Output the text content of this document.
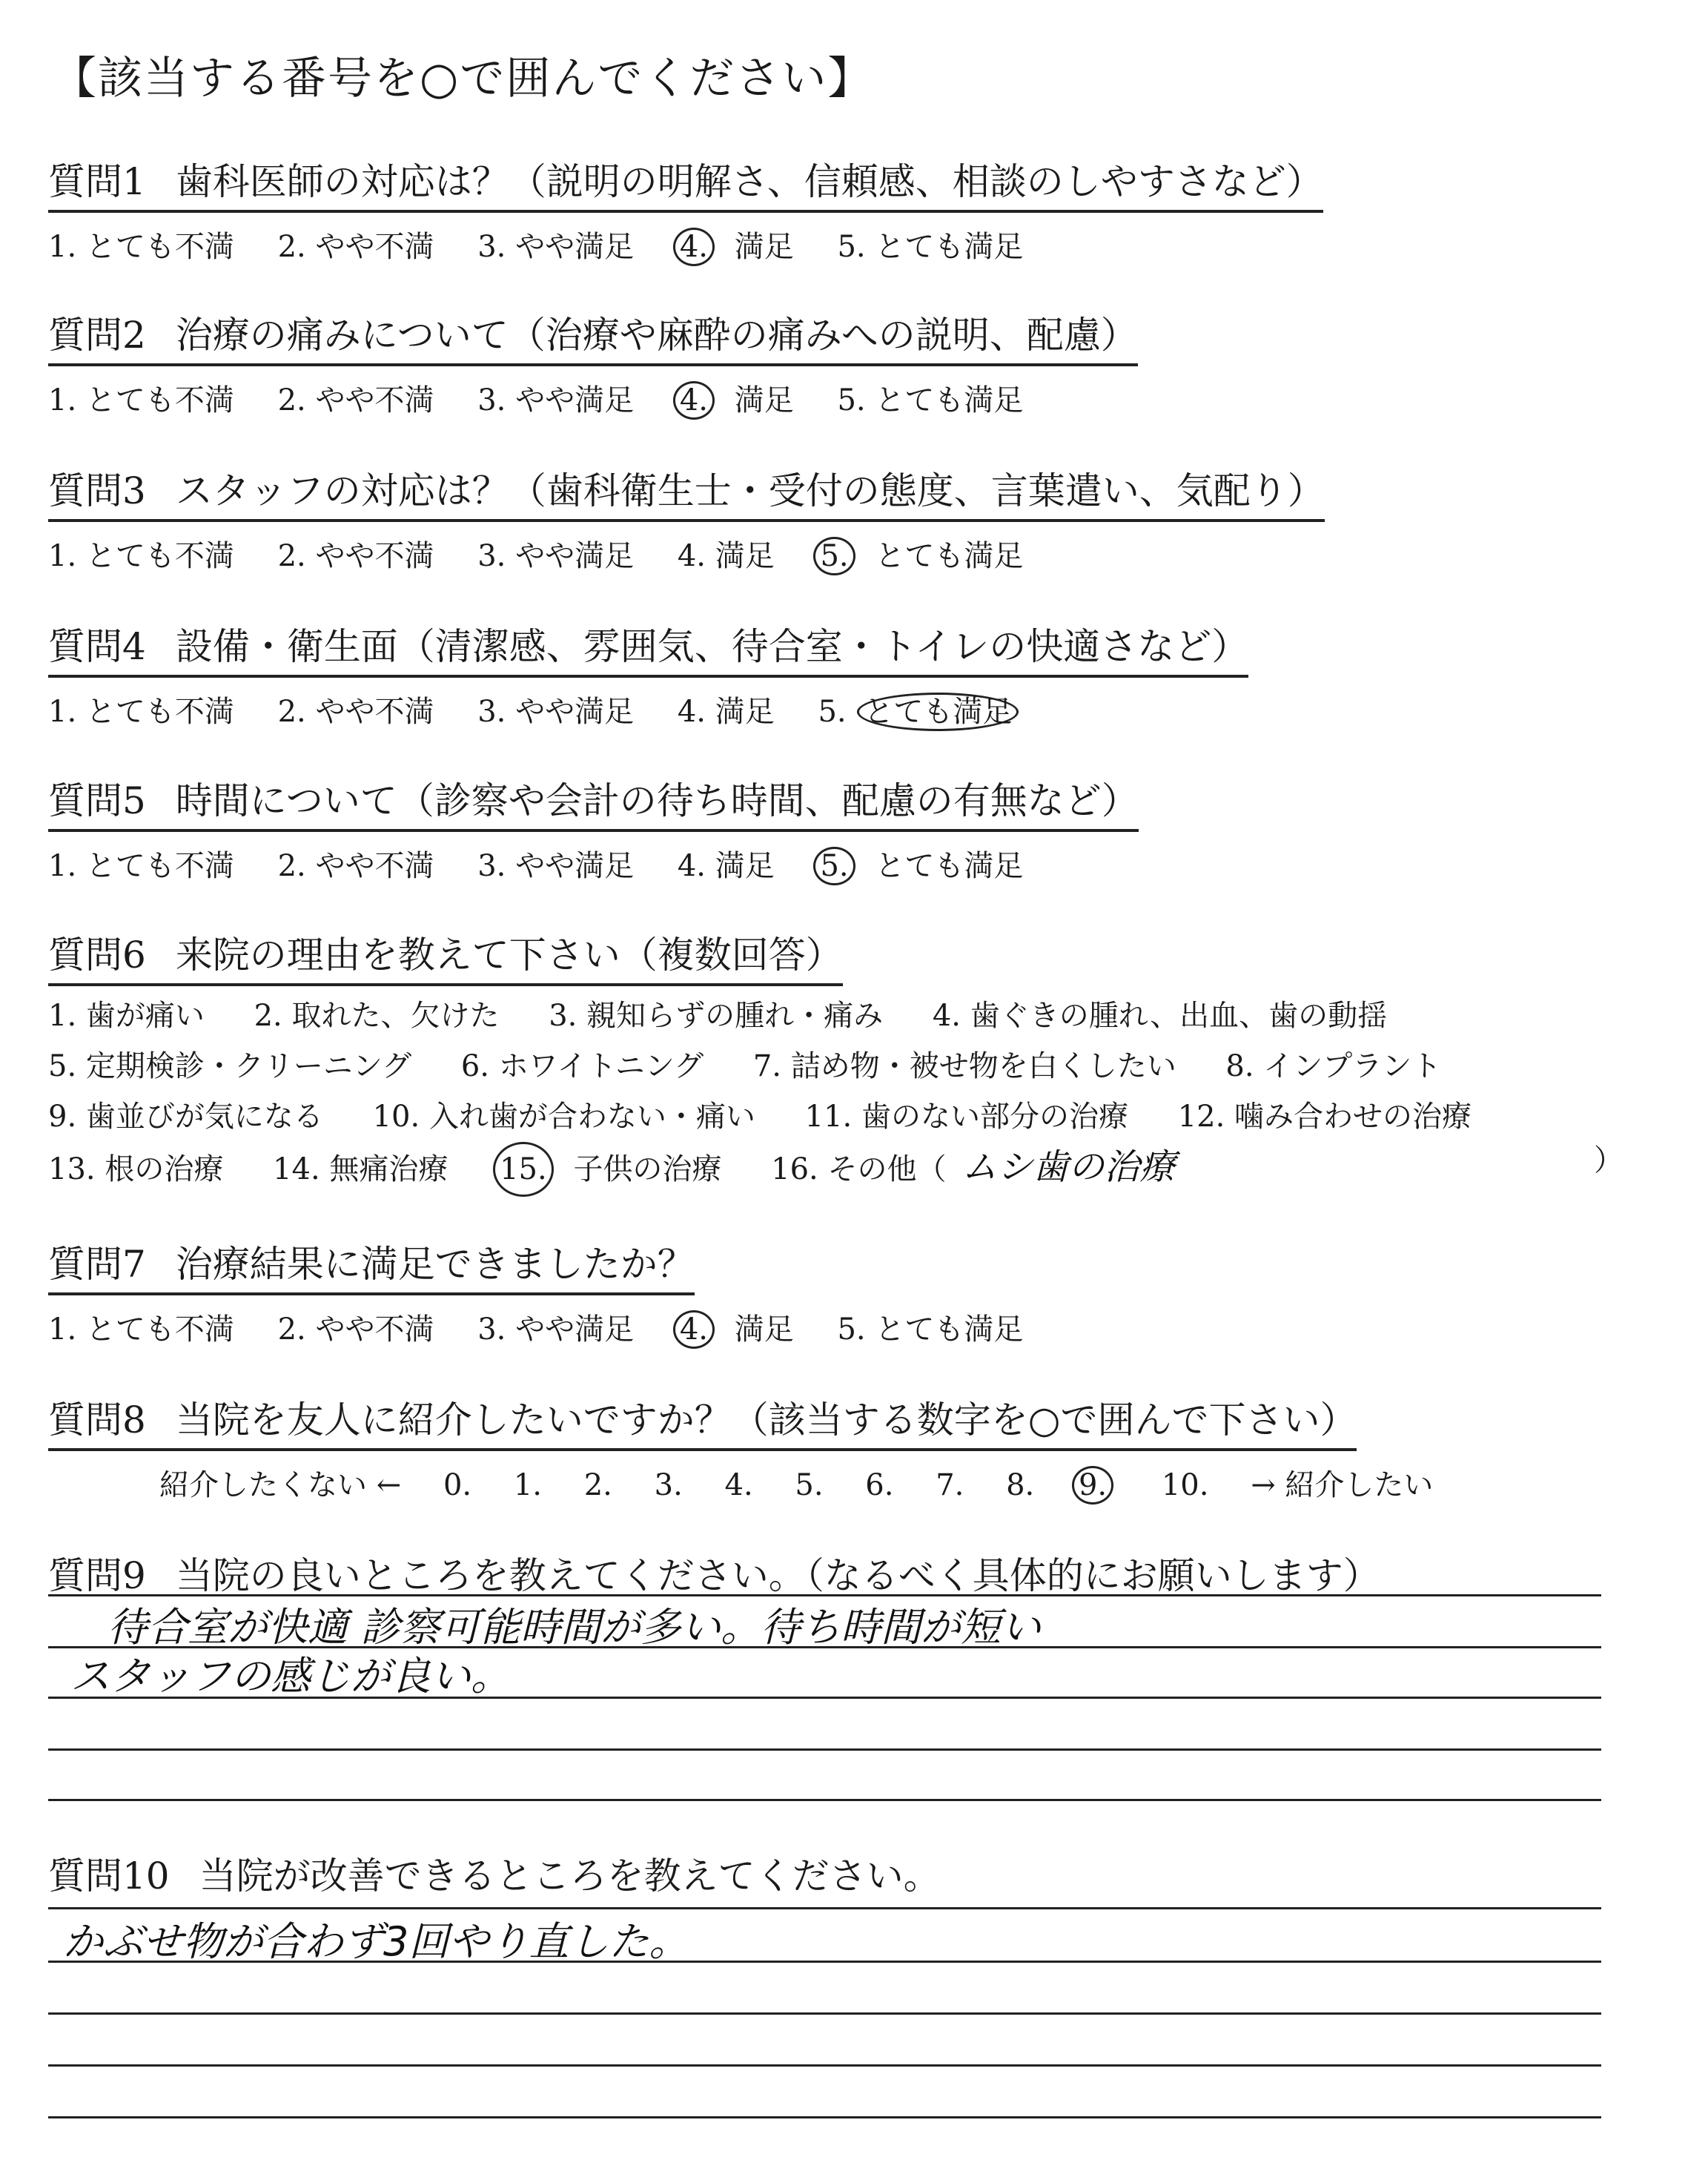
【該当する番号を○で囲んでください】
質問1 歯科医師の対応は？（説明の明解さ、信頼感、相談のしやすさなど）
1. とても不満 2. やや不満 3. やや満足 4. 満足 5. とても満足
質問2 治療の痛みについて（治療や麻酔の痛みへの説明、配慮）
1. とても不満 2. やや不満 3. やや満足 4. 満足 5. とても満足
質問3 スタッフの対応は？（歯科衛生士・受付の態度、言葉遣い、気配り）
1. とても不満 2. やや不満 3. やや満足 4. 満足 5. とても満足
質問4 設備・衛生面（清潔感、雰囲気、待合室・トイレの快適さなど）
1. とても不満 2. やや不満 3. やや満足 4. 満足 5. とても満足
質問5 時間について（診察や会計の待ち時間、配慮の有無など）
1. とても不満 2. やや不満 3. やや満足 4. 満足 5. とても満足
質問6 来院の理由を教えて下さい（複数回答）
1. 歯が痛い 2. 取れた、欠けた 3. 親知らずの腫れ・痛み 4. 歯ぐきの腫れ、出血、歯の動揺
5. 定期検診・クリーニング 6. ホワイトニング 7. 詰め物・被せ物を白くしたい 8. インプラント
9. 歯並びが気になる 10. 入れ歯が合わない・痛い 11. 歯のない部分の治療 12. 噛み合わせの治療
13. 根の治療 14. 無痛治療 15. 子供の治療 16. その他（ ムシ歯の治療	）
質問7 治療結果に満足できましたか？
1. とても不満 2. やや不満 3. やや満足 4. 満足 5. とても満足
質問8 当院を友人に紹介したいですか？（該当する数字を○で囲んで下さい）
紹介したくない ← 0. 1. 2. 3. 4. 5. 6. 7. 8. 9. 10. → 紹介したい
質問9 当院の良いところを教えてください。（なるべく具体的にお願いします）
待合室が快適 診察可能時間が多い。待ち時間が短い
スタッフの感じが良い。
質問10 当院が改善できるところを教えてください。
かぶせ物が合わず3回やり直した。
